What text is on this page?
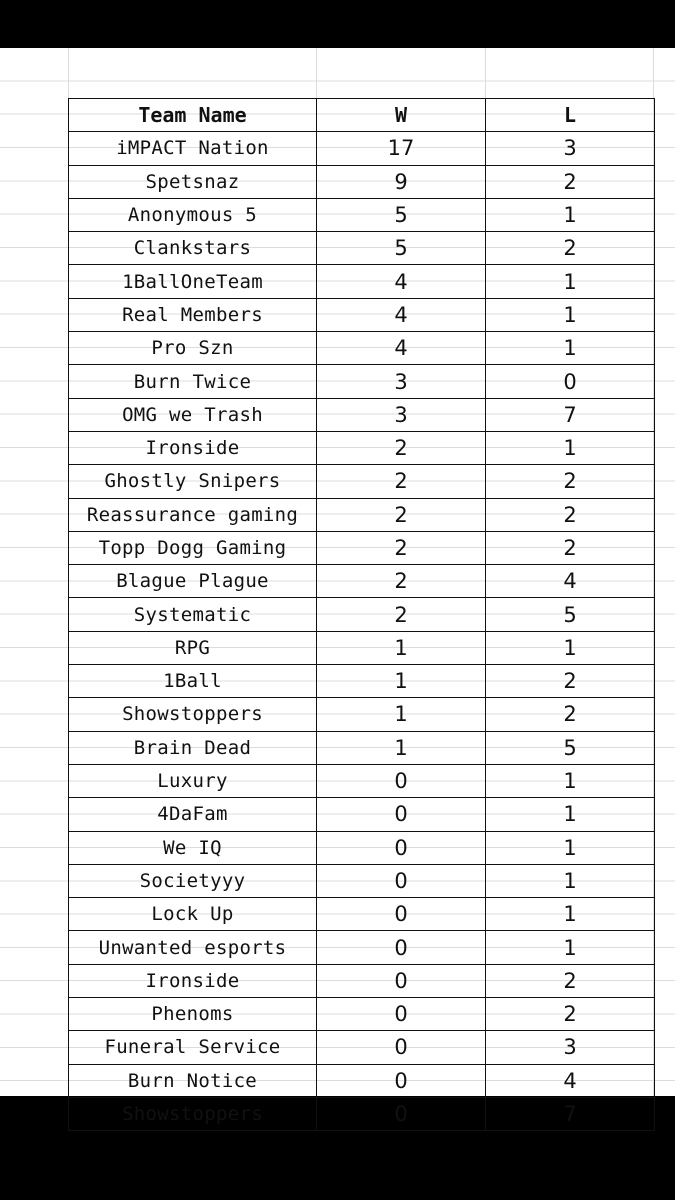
Team Name	W	L
iMPACT Nation	17	3
Spetsnaz	9	2
Anonymous 5	5	1
Clankstars	5	2
1BallOneTeam	4	1
Real Members	4	1
Pro Szn	4	1
Burn Twice	3	0
OMG we Trash	3	7
Ironside	2	1
Ghostly Snipers	2	2
Reassurance gaming	2	2
Topp Dogg Gaming	2	2
Blague Plague	2	4
Systematic	2	5
RPG	1	1
1Ball	1	2
Showstoppers	1	2
Brain Dead	1	5
Luxury	0	1
4DaFam	0	1
We IQ	0	1
Societyyy	0	1
Lock Up	0	1
Unwanted esports	0	1
Ironside	0	2
Phenoms	0	2
Funeral Service	0	3
Burn Notice	0	4
Showstoppers	0	7
